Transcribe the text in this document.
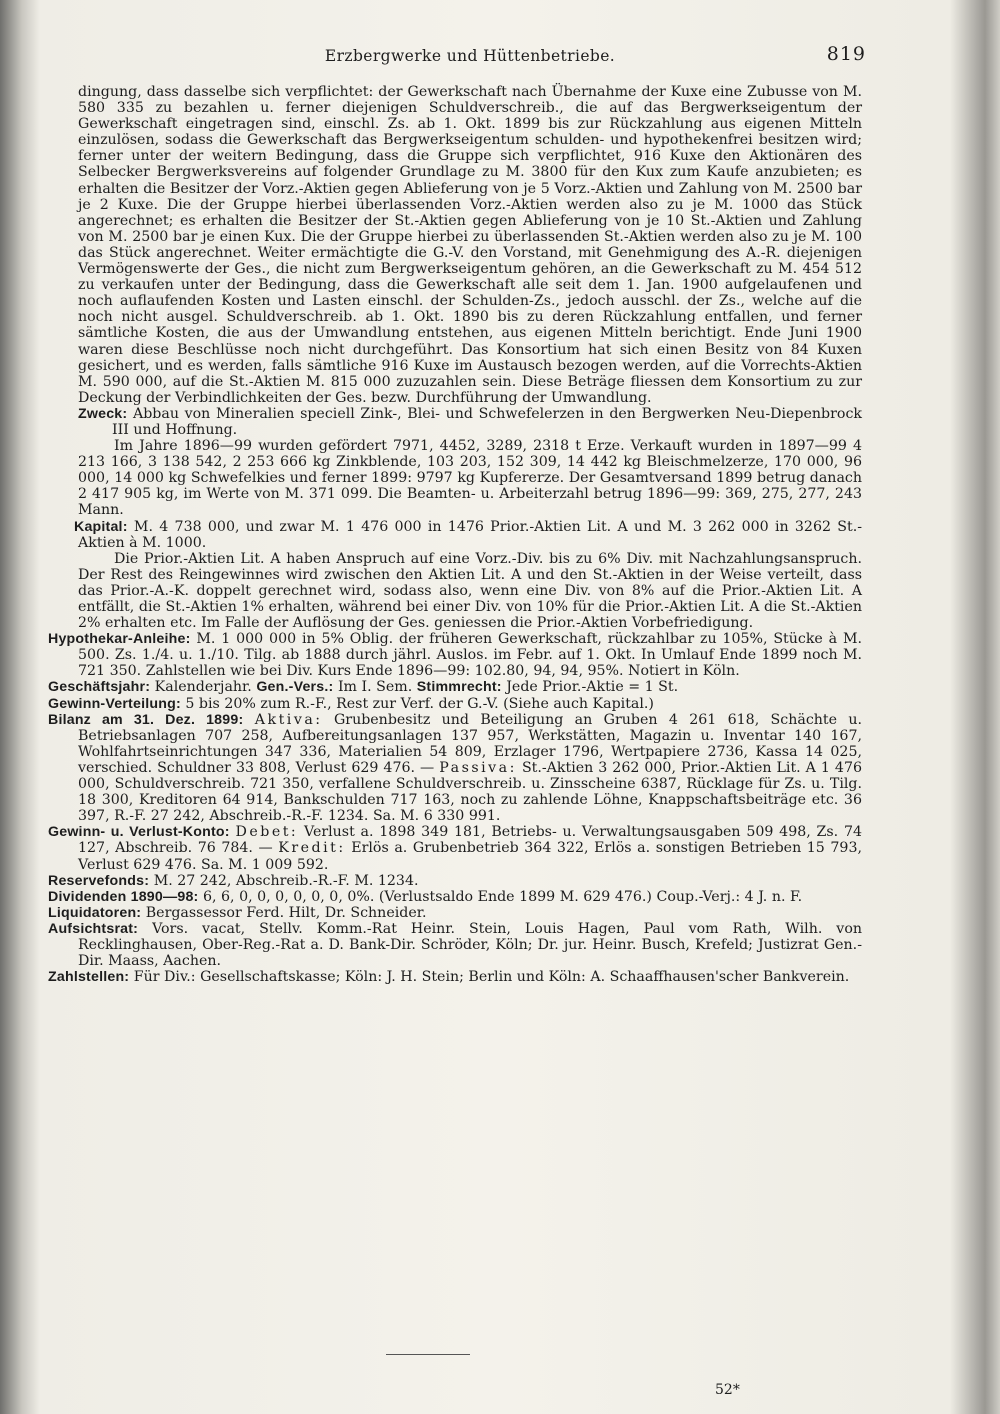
Erzbergwerke und Hüttenbetriebe.	819

dingung, dass dasselbe sich verpflichtet: der Gewerkschaft nach Übernahme der Kuxe eine Zubusse von M. 580 335 zu bezahlen u. ferner diejenigen Schuldverschreib., die auf das Bergwerkseigentum der Gewerkschaft eingetragen sind, einschl. Zs. ab 1. Okt. 1899 bis zur Rückzahlung aus eigenen Mitteln einzulösen, sodass die Gewerkschaft das Bergwerkseigentum schulden- und hypothekenfrei besitzen wird; ferner unter der weitern Bedingung, dass die Gruppe sich verpflichtet, 916 Kuxe den Aktionären des Selbecker Bergwerksvereins auf folgender Grundlage zu M. 3800 für den Kux zum Kaufe anzubieten; es erhalten die Besitzer der Vorz.-Aktien gegen Ablieferung von je 5 Vorz.-Aktien und Zahlung von M. 2500 bar je 2 Kuxe. Die der Gruppe hierbei überlassenden Vorz.-Aktien werden also zu je M. 1000 das Stück angerechnet; es erhalten die Besitzer der St.-Aktien gegen Ablieferung von je 10 St.-Aktien und Zahlung von M. 2500 bar je einen Kux. Die der Gruppe hierbei zu überlassenden St.-Aktien werden also zu je M. 100 das Stück angerechnet. Weiter ermächtigte die G.-V. den Vorstand, mit Genehmigung des A.-R. diejenigen Vermögenswerte der Ges., die nicht zum Bergwerkseigentum gehören, an die Gewerkschaft zu M. 454 512 zu verkaufen unter der Bedingung, dass die Gewerkschaft alle seit dem 1. Jan. 1900 aufgelaufenen und noch auflaufenden Kosten und Lasten einschl. der Schulden-Zs., jedoch ausschl. der Zs., welche auf die noch nicht ausgel. Schuldverschreib. ab 1. Okt. 1890 bis zu deren Rückzahlung entfallen, und ferner sämtliche Kosten, die aus der Umwandlung entstehen, aus eigenen Mitteln berichtigt. Ende Juni 1900 waren diese Beschlüsse noch nicht durchgeführt. Das Konsortium hat sich einen Besitz von 84 Kuxen gesichert, und es werden, falls sämtliche 916 Kuxe im Austausch bezogen werden, auf die Vorrechts-Aktien M. 590 000, auf die St.-Aktien M. 815 000 zuzuzahlen sein. Diese Beträge fliessen dem Konsortium zu zur Deckung der Verbindlichkeiten der Ges. bezw. Durchführung der Umwandlung.

Zweck: Abbau von Mineralien speciell Zink-, Blei- und Schwefelerzen in den Bergwerken Neu-Diepenbrock III und Hoffnung.

Im Jahre 1896—99 wurden gefördert 7971, 4452, 3289, 2318 t Erze. Verkauft wurden in 1897—99 4 213 166, 3 138 542, 2 253 666 kg Zinkblende, 103 203, 152 309, 14 442 kg Bleischmelzerze, 170 000, 96 000, 14 000 kg Schwefelkies und ferner 1899: 9797 kg Kupfererze. Der Gesamtversand 1899 betrug danach 2 417 905 kg, im Werte von M. 371 099. Die Beamten- u. Arbeiterzahl betrug 1896—99: 369, 275, 277, 243 Mann.

Kapital: M. 4 738 000, und zwar M. 1 476 000 in 1476 Prior.-Aktien Lit. A und M. 3 262 000 in 3262 St.-Aktien à M. 1000.

Die Prior.-Aktien Lit. A haben Anspruch auf eine Vorz.-Div. bis zu 6% Div. mit Nachzahlungsanspruch. Der Rest des Reingewinnes wird zwischen den Aktien Lit. A und den St.-Aktien in der Weise verteilt, dass das Prior.-A.-K. doppelt gerechnet wird, sodass also, wenn eine Div. von 8% auf die Prior.-Aktien Lit. A entfällt, die St.-Aktien 1% erhalten, während bei einer Div. von 10% für die Prior.-Aktien Lit. A die St.-Aktien 2% erhalten etc. Im Falle der Auflösung der Ges. geniessen die Prior.-Aktien Vorbefriedigung.

Hypothekar-Anleihe: M. 1 000 000 in 5% Oblig. der früheren Gewerkschaft, rückzahlbar zu 105%, Stücke à M. 500. Zs. 1./4. u. 1./10. Tilg. ab 1888 durch jährl. Auslos. im Febr. auf 1. Okt. In Umlauf Ende 1899 noch M. 721 350. Zahlstellen wie bei Div. Kurs Ende 1896—99: 102.80, 94, 94, 95%. Notiert in Köln.

Geschäftsjahr: Kalenderjahr. Gen.-Vers.: Im I. Sem. Stimmrecht: Jede Prior.-Aktie = 1 St.

Gewinn-Verteilung: 5 bis 20% zum R.-F., Rest zur Verf. der G.-V. (Siehe auch Kapital.)

Bilanz am 31. Dez. 1899: Aktiva: Grubenbesitz und Beteiligung an Gruben 4 261 618, Schächte u. Betriebsanlagen 707 258, Aufbereitungsanlagen 137 957, Werkstätten, Magazin u. Inventar 140 167, Wohlfahrtseinrichtungen 347 336, Materialien 54 809, Erzlager 1796, Wertpapiere 2736, Kassa 14 025, verschied. Schuldner 33 808, Verlust 629 476. — Passiva: St.-Aktien 3 262 000, Prior.-Aktien Lit. A 1 476 000, Schuldverschreib. 721 350, verfallene Schuldverschreib. u. Zinsscheine 6387, Rücklage für Zs. u. Tilg. 18 300, Kreditoren 64 914, Bankschulden 717 163, noch zu zahlende Löhne, Knappschaftsbeiträge etc. 36 397, R.-F. 27 242, Abschreib.-R.-F. 1234. Sa. M. 6 330 991.

Gewinn- u. Verlust-Konto: Debet: Verlust a. 1898 349 181, Betriebs- u. Verwaltungsausgaben 509 498, Zs. 74 127, Abschreib. 76 784. — Kredit: Erlös a. Grubenbetrieb 364 322, Erlös a. sonstigen Betrieben 15 793, Verlust 629 476. Sa. M. 1 009 592.

Reservefonds: M. 27 242, Abschreib.-R.-F. M. 1234.

Dividenden 1890—98: 6, 6, 0, 0, 0, 0, 0, 0, 0%. (Verlustsaldo Ende 1899 M. 629 476.) Coup.-Verj.: 4 J. n. F.

Liquidatoren: Bergassessor Ferd. Hilt, Dr. Schneider.

Aufsichtsrat: Vors. vacat, Stellv. Komm.-Rat Heinr. Stein, Louis Hagen, Paul vom Rath, Wilh. von Recklinghausen, Ober-Reg.-Rat a. D. Bank-Dir. Schröder, Köln; Dr. jur. Heinr. Busch, Krefeld; Justizrat Gen.-Dir. Maass, Aachen.

Zahlstellen: Für Div.: Gesellschaftskasse; Köln: J. H. Stein; Berlin und Köln: A. Schaaffhausen'scher Bankverein.

52*
